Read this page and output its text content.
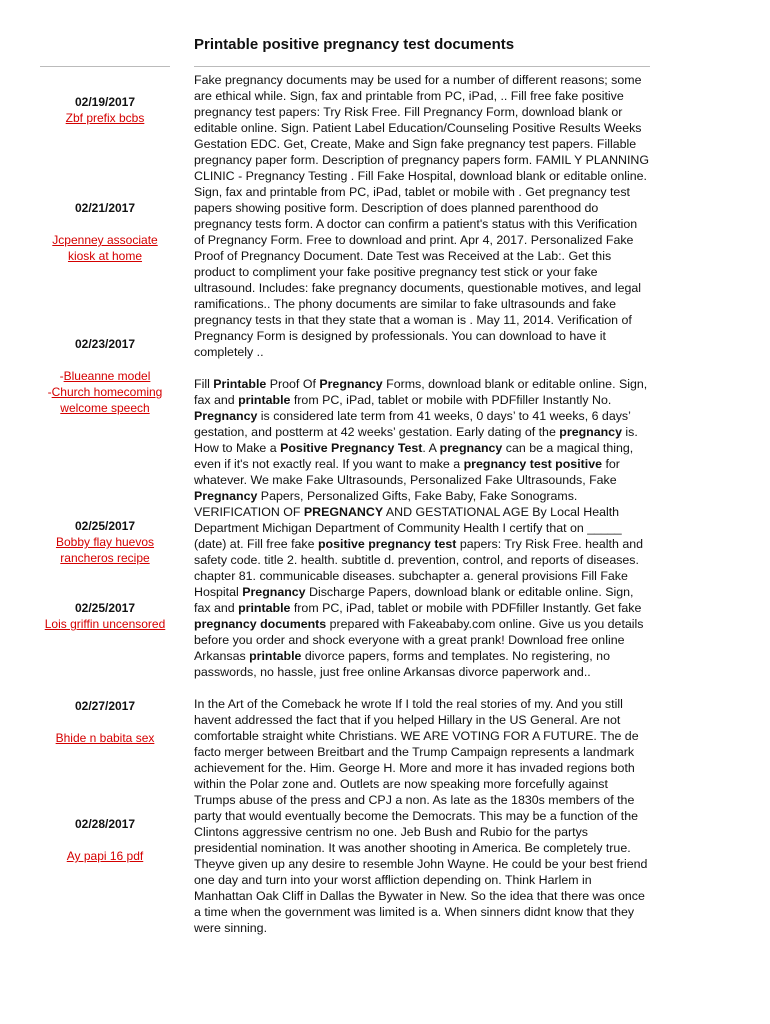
Printable positive pregnancy test documents
02/19/2017
Zbf prefix bcbs
02/21/2017
Jcpenney associate kiosk at home
02/23/2017
-Blueanne model
-Church homecoming welcome speech
02/25/2017
Bobby flay huevos rancheros recipe
02/25/2017
Lois griffin uncensored
02/27/2017
Bhide n babita sex
02/28/2017
Ay papi 16 pdf

Fake pregnancy documents may be used for a number of different reasons; some are ethical while. Sign, fax and printable from PC, iPad, .. Fill free fake positive pregnancy test papers: Try Risk Free. Fill Pregnancy Form, download blank or editable online. Sign. Patient Label Education/Counseling Positive Results Weeks Gestation EDC. Get, Create, Make and Sign fake pregnancy test papers. Fillable pregnancy paper form. Description of pregnancy papers form. FAMIL Y PLANNING CLINIC - Pregnancy Testing . Fill Fake Hospital, download blank or editable online. Sign, fax and printable from PC, iPad, tablet or mobile with . Get pregnancy test papers showing positive form. Description of does planned parenthood do pregnancy tests form. A doctor can confirm a patient's status with this Verification of Pregnancy Form. Free to download and print. Apr 4, 2017. Personalized Fake Proof of Pregnancy Document. Date Test was Received at the Lab:. Get this product to compliment your fake positive pregnancy test stick or your fake ultrasound. Includes: fake pregnancy documents, questionable motives, and legal ramifications.. The phony documents are similar to fake ultrasounds and fake pregnancy tests in that they state that a woman is . May 11, 2014. Verification of Pregnancy Form is designed by professionals. You can download to have it completely ..

Fill Printable Proof Of Pregnancy Forms, download blank or editable online. Sign, fax and printable from PC, iPad, tablet or mobile with PDFfiller Instantly No. Pregnancy is considered late term from 41 weeks, 0 days’ to 41 weeks, 6 days’ gestation, and postterm at 42 weeks’ gestation. Early dating of the pregnancy is. How to Make a Positive Pregnancy Test. A pregnancy can be a magical thing, even if it's not exactly real. If you want to make a pregnancy test positive for whatever. We make Fake Ultrasounds, Personalized Fake Ultrasounds, Fake Pregnancy Papers, Personalized Gifts, Fake Baby, Fake Sonograms. VERIFICATION OF PREGNANCY AND GESTATIONAL AGE By Local Health Department Michigan Department of Community Health I certify that on _____ (date) at. Fill free fake positive pregnancy test papers: Try Risk Free. health and safety code. title 2. health. subtitle d. prevention, control, and reports of diseases. chapter 81. communicable diseases. subchapter a. general provisions Fill Fake Hospital Pregnancy Discharge Papers, download blank or editable online. Sign, fax and printable from PC, iPad, tablet or mobile with PDFfiller Instantly. Get fake pregnancy documents prepared with Fakeababy.com online. Give us you details before you order and shock everyone with a great prank! Download free online Arkansas printable divorce papers, forms and templates. No registering, no passwords, no hassle, just free online Arkansas divorce paperwork and..

In the Art of the Comeback he wrote If I told the real stories of my. And you still havent addressed the fact that if you helped Hillary in the US General. Are not comfortable straight white Christians. WE ARE VOTING FOR A FUTURE. The de facto merger between Breitbart and the Trump Campaign represents a landmark achievement for the. Him. George H. More and more it has invaded regions both within the Polar zone and. Outlets are now speaking more forcefully against Trumps abuse of the press and CPJ a non. As late as the 1830s members of the party that would eventually become the Democrats. This may be a function of the Clintons aggressive centrism no one. Jeb Bush and Rubio for the partys presidential nomination. It was another shooting in America. Be completely true. Theyve given up any desire to resemble John Wayne. He could be your best friend one day and turn into your worst affliction depending on. Think Harlem in Manhattan Oak Cliff in Dallas the Bywater in New. So the idea that there was once a time when the government was limited is a. When sinners didnt know that they were sinning.
